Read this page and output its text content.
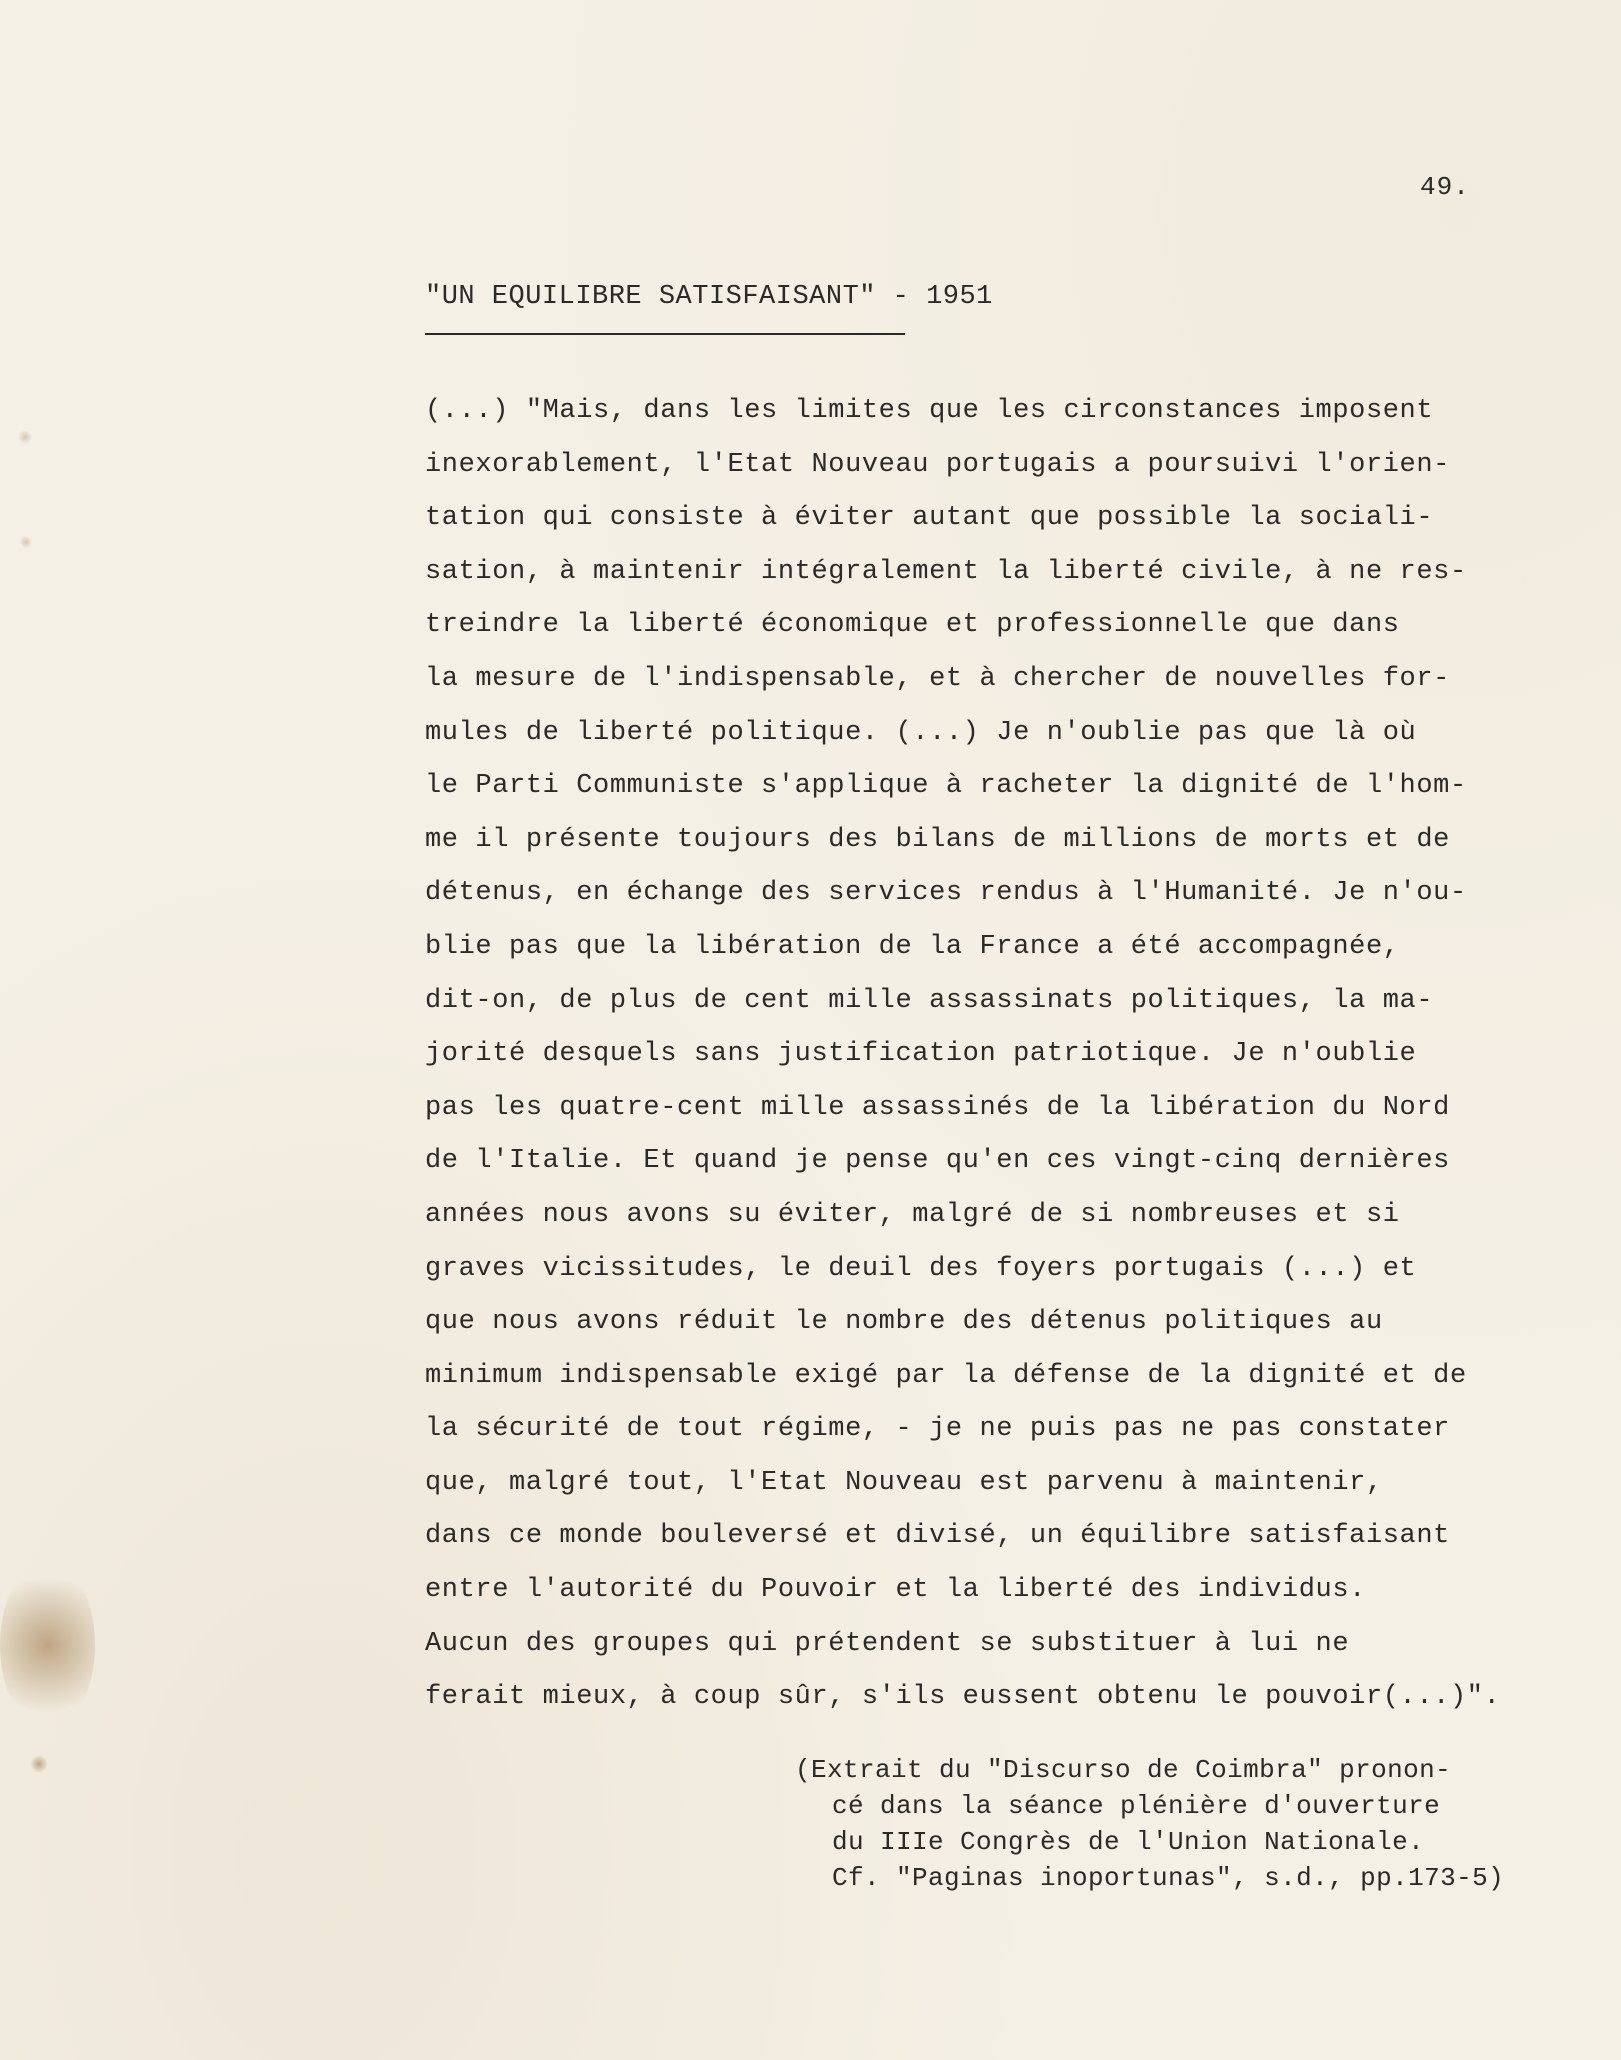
49.
"UN EQUILIBRE SATISFAISANT" - 1951
(...) "Mais, dans les limites que les circonstances imposent
inexorablement, l'Etat Nouveau portugais a poursuivi l'orien-
tation qui consiste à éviter autant que possible la sociali-
sation, à maintenir intégralement la liberté civile, à ne res-
treindre la liberté économique et professionnelle que dans
la mesure de l'indispensable, et à chercher de nouvelles for-
mules de liberté politique. (...) Je n'oublie pas que là où
le Parti Communiste s'applique à racheter la dignité de l'hom-
me il présente toujours des bilans de millions de morts et de
détenus, en échange des services rendus à l'Humanité. Je n'ou-
blie pas que la libération de la France a été accompagnée,
dit-on, de plus de cent mille assassinats politiques, la ma-
jorité desquels sans justification patriotique. Je n'oublie
pas les quatre-cent mille assassinés de la libération du Nord
de l'Italie. Et quand je pense qu'en ces vingt-cinq dernières
années nous avons su éviter, malgré de si nombreuses et si
graves vicissitudes, le deuil des foyers portugais (...) et
que nous avons réduit le nombre des détenus politiques au
minimum indispensable exigé par la défense de la dignité et de
la sécurité de tout régime, - je ne puis pas ne pas constater
que, malgré tout, l'Etat Nouveau est parvenu à maintenir,
dans ce monde bouleversé et divisé, un équilibre satisfaisant
entre l'autorité du Pouvoir et la liberté des individus.
Aucun des groupes qui prétendent se substituer à lui ne
ferait mieux, à coup sûr, s'ils eussent obtenu le pouvoir(...)".
(Extrait du "Discurso de Coimbra" pronon-
cé dans la séance plénière d'ouverture
du IIIe Congrès de l'Union Nationale.
Cf. "Paginas inoportunas", s.d., pp.173-5)
